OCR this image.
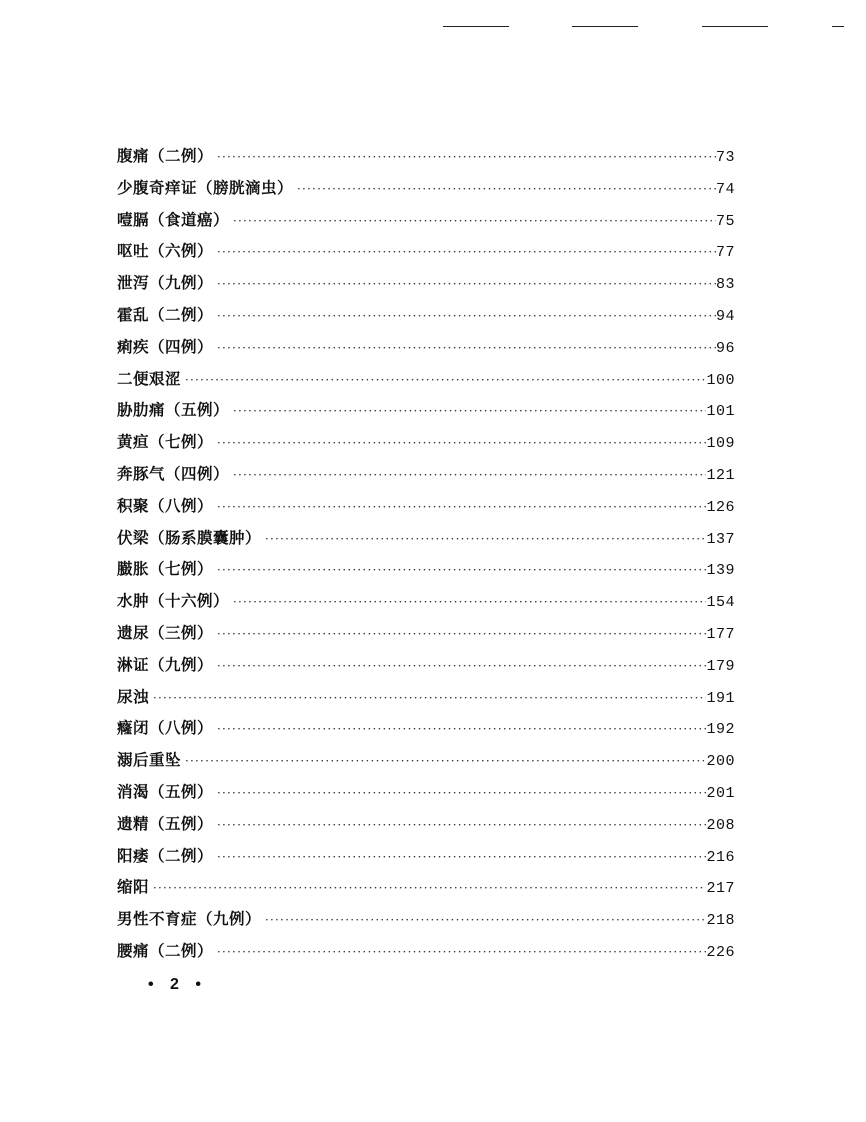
腹痛（二例） ·····	73
少腹奇痒证（膀胱滴虫） ·····	74
噎膈（食道癌） ·····	75
呕吐（六例） ·····	77
泄泻（九例） ·····	83
霍乱（二例） ·····	94
痢疾（四例） ·····	96
二便艰涩 ·····	100
胁肋痛（五例） ·····	101
黄疸（七例） ·····	109
奔豚气（四例） ·····	121
积聚（八例） ·····	126
伏梁（肠系膜囊肿） ·····	137
臌胀（七例） ·····	139
水肿（十六例） ·····	154
遗尿（三例） ·····	177
淋证（九例） ·····	179
尿浊 ·····	191
癃闭（八例） ·····	192
溺后重坠 ·····	200
消渴（五例） ·····	201
遗精（五例） ·····	208
阳痿（二例） ·····	216
缩阳 ·····	217
男性不育症（九例） ·····	218
腰痛（二例） ·····	226
• 2 •
